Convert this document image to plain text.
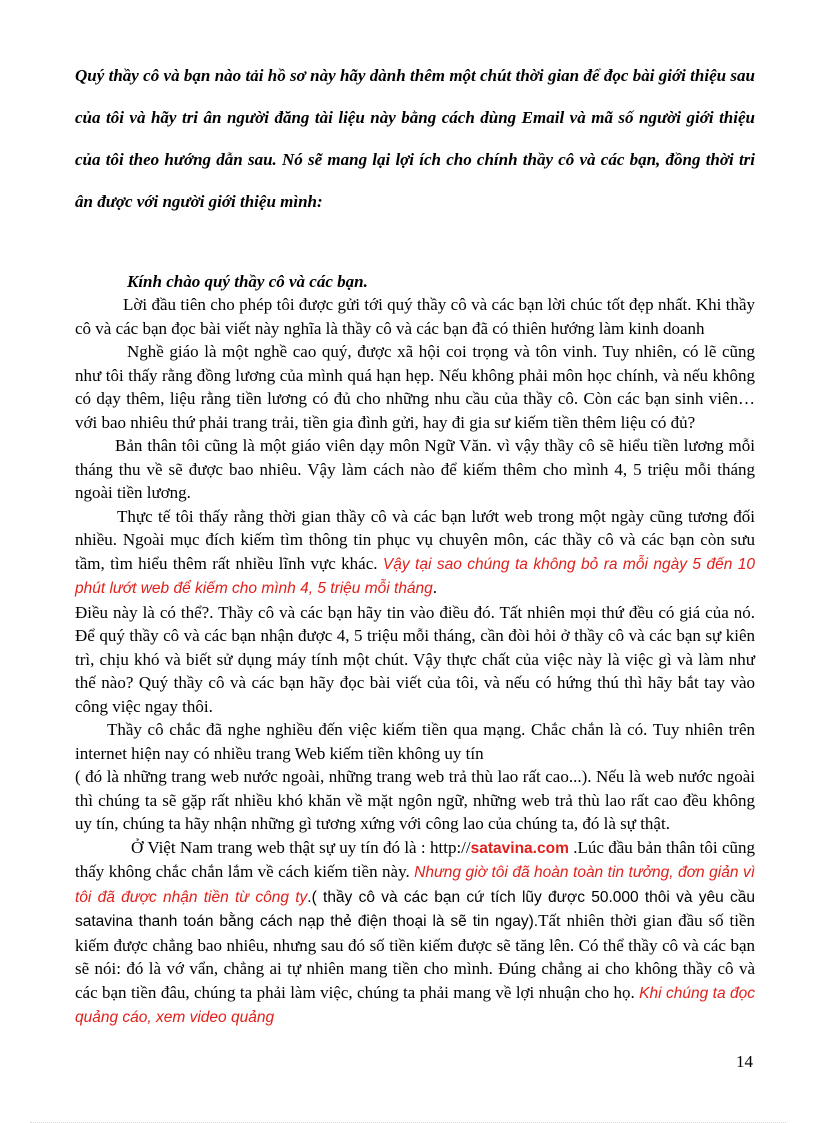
Quý thầy cô và bạn nào tải hồ sơ này hãy dành thêm một chút thời gian để đọc bài giới thiệu sau của tôi và hãy tri ân người đăng tài liệu này bằng cách dùng Email và mã số người giới thiệu của tôi theo hướng dẫn sau. Nó sẽ mang lại lợi ích cho chính thầy cô và các bạn, đồng thời tri ân được với người giới thiệu mình:

Kính chào quý thầy cô và các bạn.

Lời đầu tiên cho phép tôi được gửi tới quý thầy cô và các bạn lời chúc tốt đẹp nhất. Khi thầy cô và các bạn đọc bài viết này nghĩa là thầy cô và các bạn đã có thiên hướng làm kinh doanh

Nghề giáo là một nghề cao quý, được xã hội coi trọng và tôn vinh. Tuy nhiên, có lẽ cũng như tôi thấy rằng đồng lương của mình quá hạn hẹp. Nếu không phải môn học chính, và nếu không có dạy thêm, liệu rằng tiền lương có đủ cho những nhu cầu của thầy cô. Còn các bạn sinh viên…với bao nhiêu thứ phải trang trải, tiền gia đình gửi, hay đi gia sư kiếm tiền thêm liệu có đủ?

Bản thân tôi cũng là một giáo viên dạy môn Ngữ Văn. vì vậy thầy cô sẽ hiểu tiền lương mỗi tháng thu về sẽ được bao nhiêu. Vậy làm cách nào để kiếm thêm cho mình 4, 5 triệu mỗi tháng ngoài tiền lương.

Thực tế tôi thấy rằng thời gian thầy cô và các bạn lướt web trong một ngày cũng tương đối nhiều. Ngoài mục đích kiếm tìm thông tin phục vụ chuyên môn, các thầy cô và các bạn còn sưu tầm, tìm hiểu thêm rất nhiều lĩnh vực khác. Vậy tại sao chúng ta không bỏ ra mỗi ngày 5 đến 10 phút lướt web để kiếm cho mình 4, 5 triệu mỗi tháng.

Điều này là có thể?. Thầy cô và các bạn hãy tin vào điều đó. Tất nhiên mọi thứ đều có giá của nó. Để quý thầy cô và các bạn nhận được 4, 5 triệu mỗi tháng, cần đòi hỏi ở thầy cô và các bạn sự kiên trì, chịu khó và biết sử dụng máy tính một chút. Vậy thực chất của việc này là việc gì và làm như thế nào? Quý thầy cô và các bạn hãy đọc bài viết của tôi, và nếu có hứng thú thì hãy bắt tay vào công việc ngay thôi.

Thầy cô chắc đã nghe nghiều đến việc kiếm tiền qua mạng. Chắc chắn là có. Tuy nhiên trên internet hiện nay có nhiều trang Web kiếm tiền không uy tín

( đó là những trang web nước ngoài, những trang web trả thù lao rất cao...). Nếu là web nước ngoài thì chúng ta sẽ gặp rất nhiều khó khăn về mặt ngôn ngữ, những web trả thù lao rất cao đều không uy tín, chúng ta hãy nhận những gì tương xứng với công lao của chúng ta, đó là sự thật.

Ở Việt Nam trang web thật sự uy tín đó là : http://satavina.com .Lúc đầu bản thân tôi cũng thấy không chắc chắn lắm về cách kiếm tiền này. Nhưng giờ tôi đã hoàn toàn tin tưởng, đơn giản vì tôi đã được nhận tiền từ công ty.( thầy cô và các bạn cứ tích lũy được 50.000 thôi và yêu cầu satavina thanh toán bằng cách nạp thẻ điện thoại là sẽ tin ngay).Tất nhiên thời gian đầu số tiền kiếm được chẳng bao nhiêu, nhưng sau đó số tiền kiếm được sẽ tăng lên. Có thể thầy cô và các bạn sẽ nói: đó là vớ vẩn, chẳng ai tự nhiên mang tiền cho mình. Đúng chẳng ai cho không thầy cô và các bạn tiền đâu, chúng ta phải làm việc, chúng ta phải mang về lợi nhuận cho họ. Khi chúng ta đọc quảng cáo, xem video quảng

14
